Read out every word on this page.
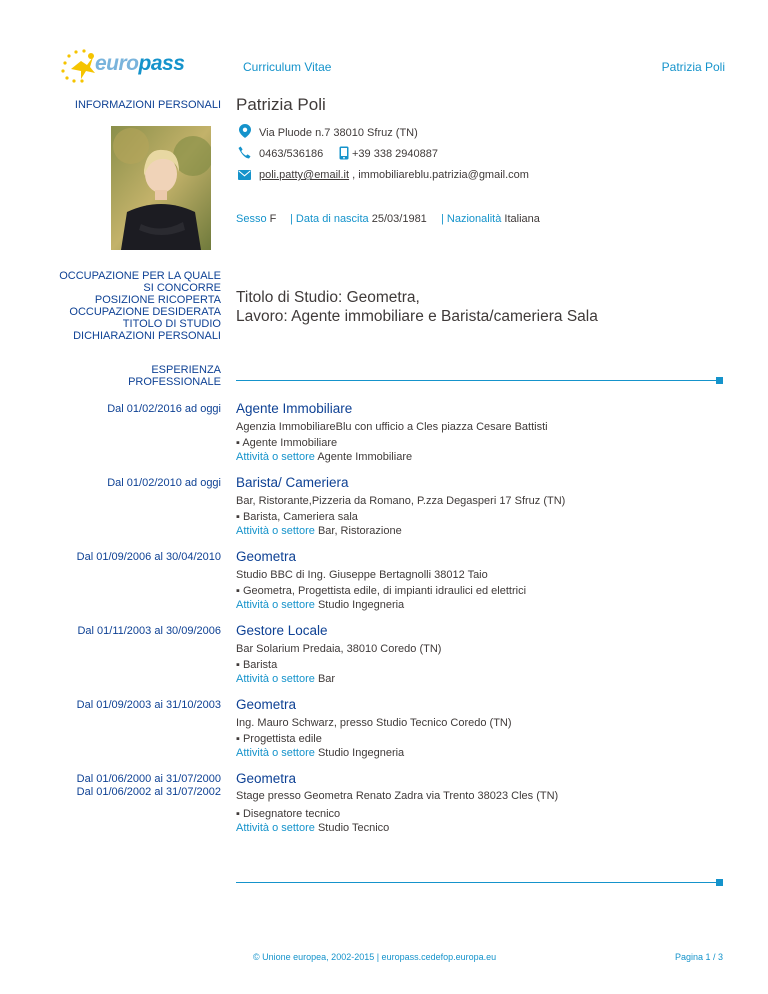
europass	Curriculum Vitae	Patrizia Poli
INFORMAZIONI PERSONALI Patrizia Poli
Via Pluode n.7 38010 Sfruz (TN)
0463/536186	+39 338 2940887
poli.patty@email.it , immobiliareblu.patrizia@gmail.com
Sesso F | Data di nascita 25/03/1981 | Nazionalità Italiana
OCCUPAZIONE PER LA QUALE
SI CONCORRE
POSIZIONE RICOPERTA
OCCUPAZIONE DESIDERATA
TITOLO DI STUDIO
DICHIARAZIONI PERSONALI
Titolo di Studio: Geometra,
Lavoro: Agente immobiliare e Barista/cameriera Sala
ESPERIENZA
PROFESSIONALE
Dal 01/02/2016 ad oggi Agente Immobiliare
Agenzia ImmobiliareBlu con ufficio a Cles piazza Cesare Battisti
▪ Agente Immobiliare
Attività o settore Agente Immobiliare
Dal 01/02/2010 ad oggi Barista/ Cameriera
Bar, Ristorante,Pizzeria da Romano, P.zza Degasperi 17 Sfruz (TN)
▪ Barista, Cameriera sala
Attività o settore Bar, Ristorazione
Dal 01/09/2006 al 30/04/2010 Geometra
Studio BBC di Ing. Giuseppe Bertagnolli 38012 Taio
▪ Geometra, Progettista edile, di impianti idraulici ed elettrici
Attività o settore Studio Ingegneria
Dal 01/11/2003 al 30/09/2006 Gestore Locale
Bar Solarium Predaia, 38010 Coredo (TN)
▪ Barista
Attività o settore Bar
Dal 01/09/2003 ai 31/10/2003 Geometra
Ing. Mauro Schwarz, presso Studio Tecnico Coredo (TN)
▪ Progettista edile
Attività o settore Studio Ingegneria
Dal 01/06/2000 ai 31/07/2000
Dal 01/06/2002 al 31/07/2002
Geometra
Stage presso Geometra Renato Zadra via Trento 38023 Cles (TN)
▪ Disegnatore tecnico
Attività o settore Studio Tecnico
© Unione europea, 2002-2015 | europass.cedefop.europa.eu	Pagina 1 / 3
